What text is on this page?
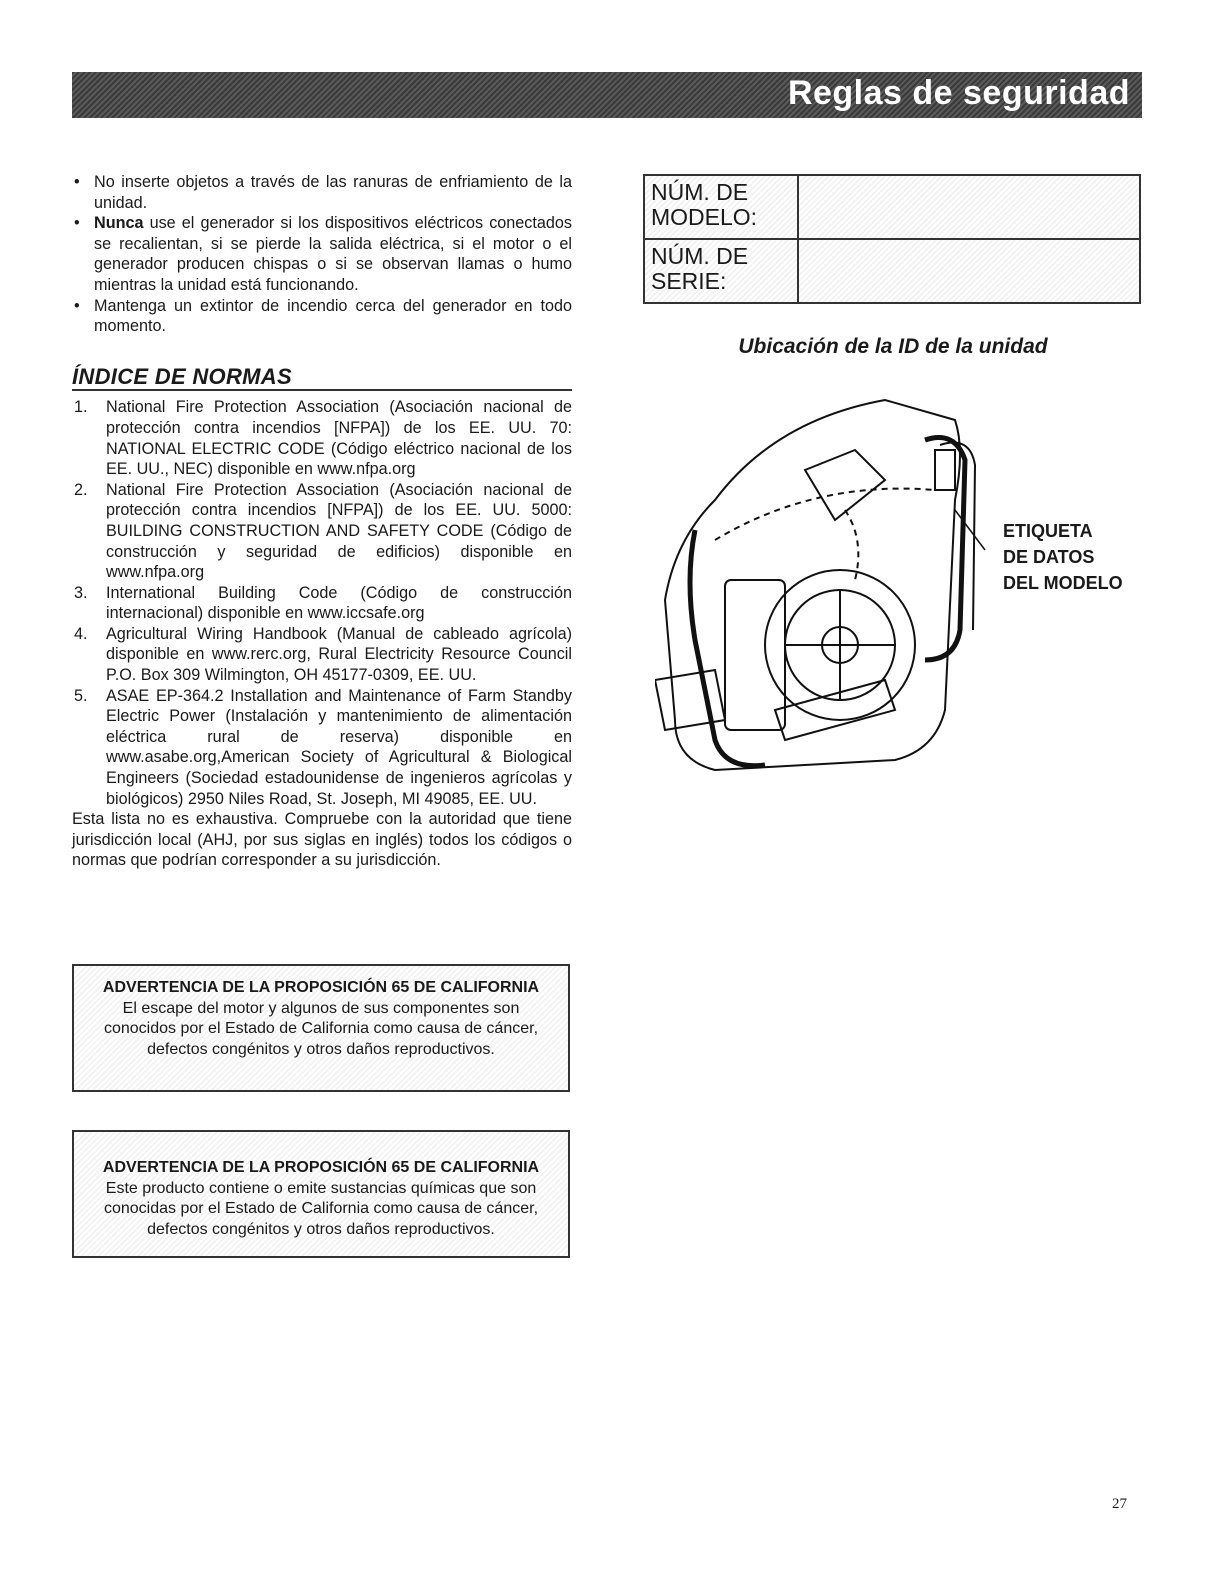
Reglas de seguridad
• No inserte objetos a través de las ranuras de enfriamiento de la unidad.
• Nunca use el generador si los dispositivos eléctricos conectados se recalientan, si se pierde la salida eléctrica, si el motor o el generador producen chispas o si se observan llamas o humo mientras la unidad está funcionando.
• Mantenga un extintor de incendio cerca del generador en todo momento.
ÍNDICE DE NORMAS
1. National Fire Protection Association (Asociación nacional de protección contra incendios [NFPA]) de los EE. UU. 70: NATIONAL ELECTRIC CODE (Código eléctrico nacional de los EE. UU., NEC) disponible en www.nfpa.org
2. National Fire Protection Association (Asociación nacional de protección contra incendios [NFPA]) de los EE. UU. 5000: BUILDING CONSTRUCTION AND SAFETY CODE (Código de construcción y seguridad de edificios) disponible en www.nfpa.org
3. International Building Code (Código de construcción internacional) disponible en www.iccsafe.org
4. Agricultural Wiring Handbook (Manual de cableado agrícola) disponible en www.rerc.org, Rural Electricity Resource Council P.O. Box 309 Wilmington, OH 45177-0309, EE. UU.
5. ASAE EP-364.2 Installation and Maintenance of Farm Standby Electric Power (Instalación y mantenimiento de alimentación eléctrica rural de reserva) disponible en www.asabe.org,American Society of Agricultural & Biological Engineers (Sociedad estadounidense de ingenieros agrícolas y biológicos) 2950 Niles Road, St. Joseph, MI 49085, EE. UU.
Esta lista no es exhaustiva. Compruebe con la autoridad que tiene jurisdicción local (AHJ, por sus siglas en inglés) todos los códigos o normas que podrían corresponder a su jurisdicción.
ADVERTENCIA DE LA PROPOSICIÓN 65 DE CALIFORNIA
El escape del motor y algunos de sus componentes son conocidos por el Estado de California como causa de cáncer, defectos congénitos y otros daños reproductivos.
ADVERTENCIA DE LA PROPOSICIÓN 65 DE CALIFORNIA
Este producto contiene o emite sustancias químicas que son conocidas por el Estado de California como causa de cáncer, defectos congénitos y otros daños reproductivos.
NÚM. DE MODELO:	
NÚM. DE SERIE:	
Ubicación de la ID de la unidad
ETIQUETA
DE DATOS
DEL MODELO
27
